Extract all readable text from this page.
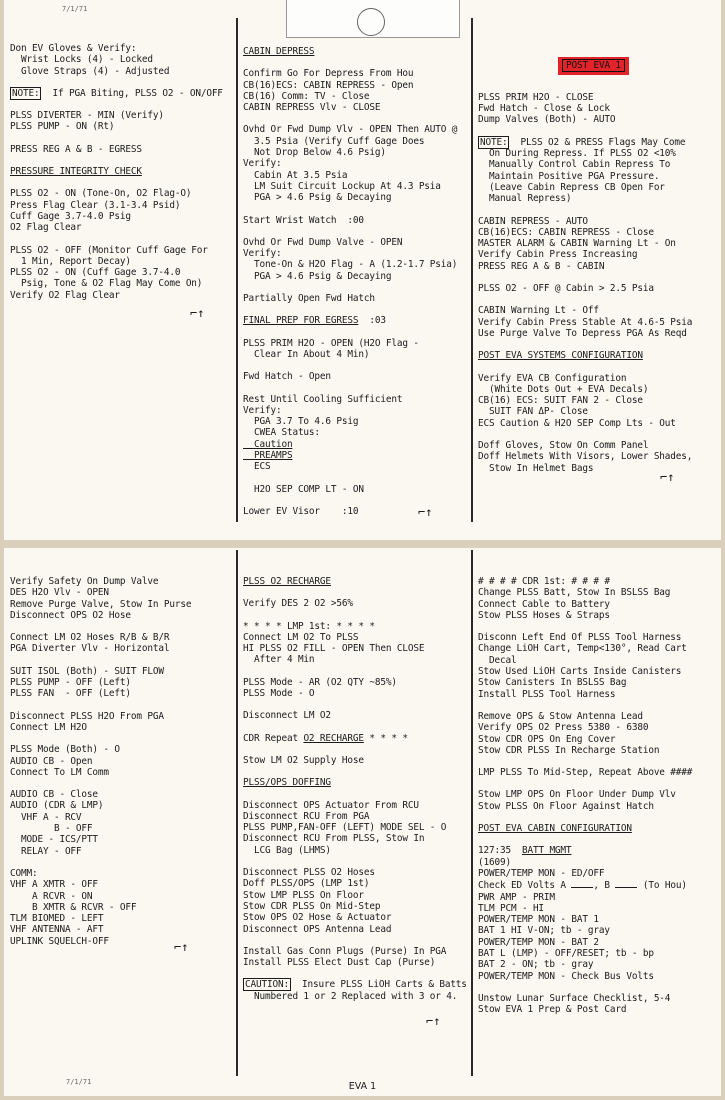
7/1/71
Don EV Gloves & Verify:
Wrist Locks (4) - Locked
Glove Straps (4) - Adjusted
NOTE: If PGA Biting, PLSS O2 - ON/OFF
PLSS DIVERTER - MIN (Verify)
PLSS PUMP - ON (Rt)
PRESS REG A & B - EGRESS
PRESSURE INTEGRITY CHECK
PLSS O2 - ON (Tone-On, O2 Flag-O)
Press Flag Clear (3.1-3.4 Psid)
Cuff Gage 3.7-4.0 Psig
O2 Flag Clear
PLSS O2 - OFF (Monitor Cuff Gage For
1 Min, Report Decay)
PLSS O2 - ON (Cuff Gage 3.7-4.0
Psig, Tone & O2 Flag May Come On)
Verify O2 Flag Clear
CABIN DEPRESS
Confirm Go For Depress From Hou
CB(16)ECS: CABIN REPRESS - Open
CB(16) Comm: TV - Close
CABIN REPRESS Vlv - CLOSE
Ovhd Or Fwd Dump Vlv - OPEN Then AUTO @
3.5 Psia (Verify Cuff Gage Does
Not Drop Below 4.6 Psig)
Verify:
Cabin At 3.5 Psia
LM Suit Circuit Lockup At 4.3 Psia
PGA > 4.6 Psig & Decaying
Start Wrist Watch  :00
Ovhd Or Fwd Dump Valve - OPEN
Verify:
Tone-On & H2O Flag - A (1.2-1.7 Psia)
PGA > 4.6 Psig & Decaying
Partially Open Fwd Hatch
FINAL PREP FOR EGRESS  :03
PLSS PRIM H2O - OPEN (H2O Flag -
Clear In About 4 Min)
Fwd Hatch - Open
Rest Until Cooling Sufficient
Verify:
PGA 3.7 To 4.6 Psig
CWEA Status:
Caution
PREAMPS
ECS
H2O SEP COMP LT - ON
Lower EV Visor    :10

POST EVA 1

PLSS PRIM H2O - CLOSE
Fwd Hatch - Close & Lock
Dump Valves (Both) - AUTO
NOTE: PLSS O2 & PRESS Flags May Come
On During Repress. If PLSS O2 <10%
Manually Control Cabin Repress To
Maintain Positive PGA Pressure.
(Leave Cabin Repress CB Open For
Manual Repress)
CABIN REPRESS - AUTO
CB(16)ECS: CABIN REPRESS - Close
MASTER ALARM & CABIN Warning Lt - On
Verify Cabin Press Increasing
PRESS REG A & B - CABIN
PLSS O2 - OFF @ Cabin > 2.5 Psia
CABIN Warning Lt - Off
Verify Cabin Press Stable At 4.6-5 Psia
Use Purge Valve To Depress PGA As Reqd
POST EVA SYSTEMS CONFIGURATION
Verify EVA CB Configuration
(White Dots Out + EVA Decals)
CB(16) ECS: SUIT FAN 2 - Close
SUIT FAN ΔP- Close
ECS Caution & H2O SEP Comp Lts - Out
Doff Gloves, Stow On Comm Panel
Doff Helmets With Visors, Lower Shades,
Stow In Helmet Bags

⌐↑
⌐↑
⌐↑
Verify Safety On Dump Valve
DES H2O Vlv - OPEN
Remove Purge Valve, Stow In Purse
Disconnect OPS O2 Hose
Connect LM O2 Hoses R/B & B/R
PGA Diverter Vlv - Horizontal
SUIT ISOL (Both) - SUIT FLOW
PLSS PUMP - OFF (Left)
PLSS FAN  - OFF (Left)
Disconnect PLSS H2O From PGA
Connect LM H2O
PLSS Mode (Both) - O
AUDIO CB - Open
Connect To LM Comm
AUDIO CB - Close
AUDIO (CDR & LMP)
VHF A - RCV
B - OFF
MODE - ICS/PTT
RELAY - OFF
COMM:
VHF A XMTR - OFF
A RCVR - ON
B XMTR & RCVR - OFF
TLM BIOMED - LEFT
VHF ANTENNA - AFT
UPLINK SQUELCH-OFF
PLSS O2 RECHARGE
Verify DES 2 O2 >56%
* * * * LMP 1st: * * * *
Connect LM O2 To PLSS
HI PLSS O2 FILL - OPEN Then CLOSE
After 4 Min
PLSS Mode - AR (O2 QTY ~85%)
PLSS Mode - O
Disconnect LM O2
CDR Repeat O2 RECHARGE * * * *
Stow LM O2 Supply Hose
PLSS/OPS DOFFING
Disconnect OPS Actuator From RCU
Disconnect RCU From PGA
PLSS PUMP,FAN-OFF (LEFT) MODE SEL - O
Disconnect RCU From PLSS, Stow In
LCG Bag (LHMS)
Disconnect PLSS O2 Hoses
Doff PLSS/OPS (LMP 1st)
Stow LMP PLSS On Floor
Stow CDR PLSS On Mid-Step
Stow OPS O2 Hose & Actuator
Disconnect OPS Antenna Lead
Install Gas Conn Plugs (Purse) In PGA
Install PLSS Elect Dust Cap (Purse)
CAUTION: Insure PLSS LiOH Carts & Batts
Numbered 1 or 2 Replaced with 3 or 4.
# # # # CDR 1st: # # # #
Change PLSS Batt, Stow In BSLSS Bag
Connect Cable to Battery
Stow PLSS Hoses & Straps
Disconn Left End Of PLSS Tool Harness
Change LiOH Cart, Temp<130°, Read Cart
Decal
Stow Used LiOH Carts Inside Canisters
Stow Canisters In BSLSS Bag
Install PLSS Tool Harness
Remove OPS & Stow Antenna Lead
Verify OPS O2 Press 5380 - 6380
Stow CDR OPS On Eng Cover
Stow CDR PLSS In Recharge Station
LMP PLSS To Mid-Step, Repeat Above ####
Stow LMP OPS On Floor Under Dump Vlv
Stow PLSS On Floor Against Hatch
POST EVA CABIN CONFIGURATION
127:35  BATT MGMT
(1609)
POWER/TEMP MON - ED/OFF
Check ED Volts A , B  (To Hou)
PWR AMP - PRIM
TLM PCM - HI
POWER/TEMP MON - BAT 1
BAT 1 HI V-ON; tb - gray
POWER/TEMP MON - BAT 2
BAT L (LMP) - OFF/RESET; tb - bp
BAT 2 - ON; tb - gray
POWER/TEMP MON - Check Bus Volts
Unstow Lunar Surface Checklist, 5-4
Stow EVA 1 Prep & Post Card
⌐↑
⌐↑
7/1/71	EVA 1
